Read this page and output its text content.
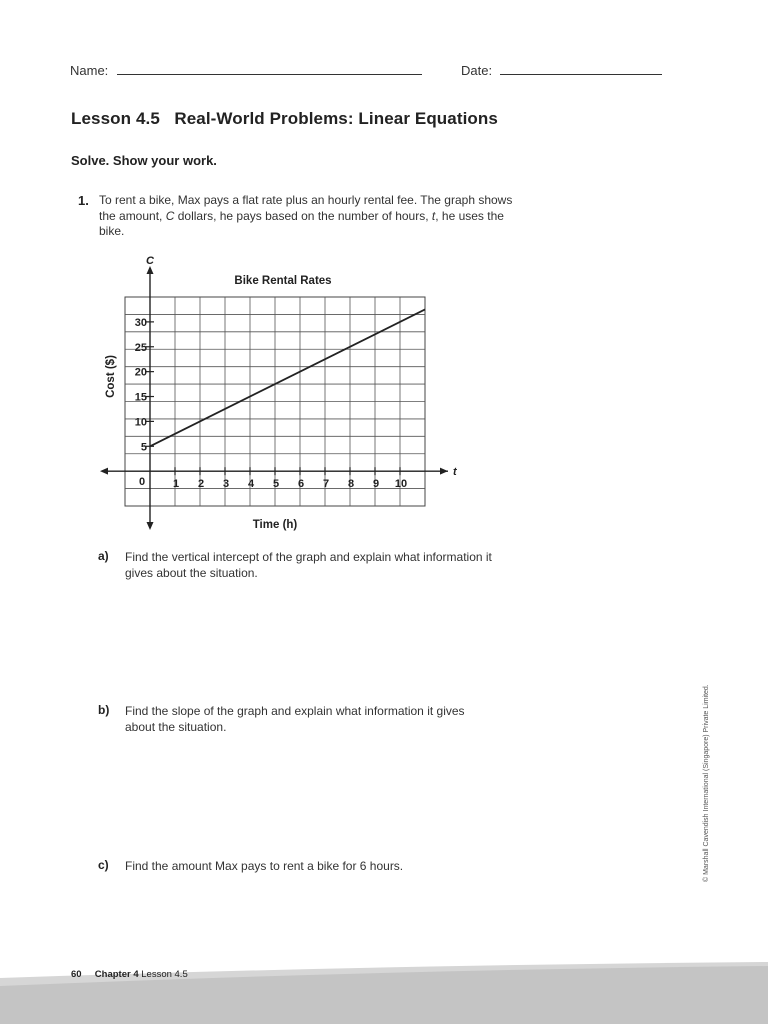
Name:	Date:
Lesson 4.5   Real-World Problems: Linear Equations
Solve. Show your work.
1. To rent a bike, Max pays a flat rate plus an hourly rental fee. The graph shows
the amount, C dollars, he pays based on the number of hours, t, he uses the
bike.
1 2 3 4 5 6 7 8 9 10
5
10
15
20
25
30
Bike Rental Rates
C
t
Time (h)
Cost ($)
0
a) Find the vertical intercept of the graph and explain what information it
gives about the situation.
b) Find the slope of the graph and explain what information it gives
about the situation.
c) Find the amount Max pays to rent a bike for 6 hours.	© Marshall Cavendish International (Singapore) Private Limited.
60 Chapter 4 Lesson 4.5
